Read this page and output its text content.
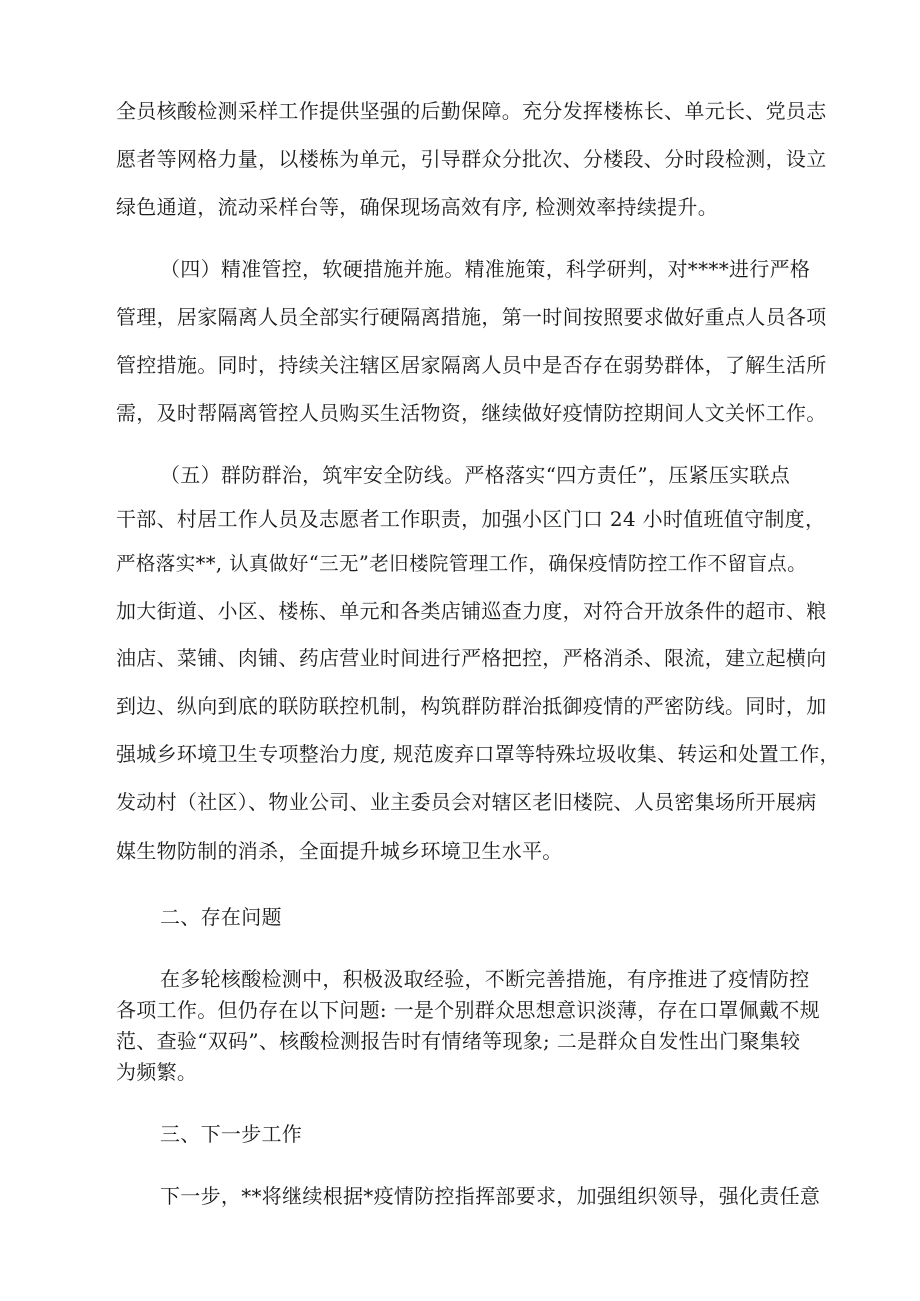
全员核酸检测采样工作提供坚强的后勤保障。充分发挥楼栋长、单元长、党员志
愿者等网格力量，以楼栋为单元，引导群众分批次、分楼段、分时段检测，设立
绿色通道，流动采样台等，确保现场高效有序, 检测效率持续提升。
（四）精准管控，软硬措施并施。精准施策，科学研判，对****进行严格
管理，居家隔离人员全部实行硬隔离措施，第一时间按照要求做好重点人员各项
管控措施。同时，持续关注辖区居家隔离人员中是否存在弱势群体，了解生活所
需，及时帮隔离管控人员购买生活物资，继续做好疫情防控期间人文关怀工作。
（五）群防群治，筑牢安全防线。严格落实“四方责任”，压紧压实联点
干部、村居工作人员及志愿者工作职责，加强小区门口 24 小时值班值守制度，
严格落实**, 认真做好“三无”老旧楼院管理工作，确保疫情防控工作不留盲点。
加大街道、小区、楼栋、单元和各类店铺巡查力度，对符合开放条件的超市、粮
油店、菜铺、肉铺、药店营业时间进行严格把控，严格消杀、限流，建立起横向
到边、纵向到底的联防联控机制，构筑群防群治抵御疫情的严密防线。同时，加
强城乡环境卫生专项整治力度, 规范废弃口罩等特殊垃圾收集、转运和处置工作，
发动村（社区）、物业公司、业主委员会对辖区老旧楼院、人员密集场所开展病
媒生物防制的消杀，全面提升城乡环境卫生水平。
二、存在问题
在多轮核酸检测中，积极汲取经验，不断完善措施，有序推进了疫情防控
各项工作。但仍存在以下问题: 一是个别群众思想意识淡薄，存在口罩佩戴不规
范、查验“双码”、核酸检测报告时有情绪等现象; 二是群众自发性出门聚集较
为频繁。
三、下一步工作
下一步，**将继续根据*疫情防控指挥部要求，加强组织领导，强化责任意
